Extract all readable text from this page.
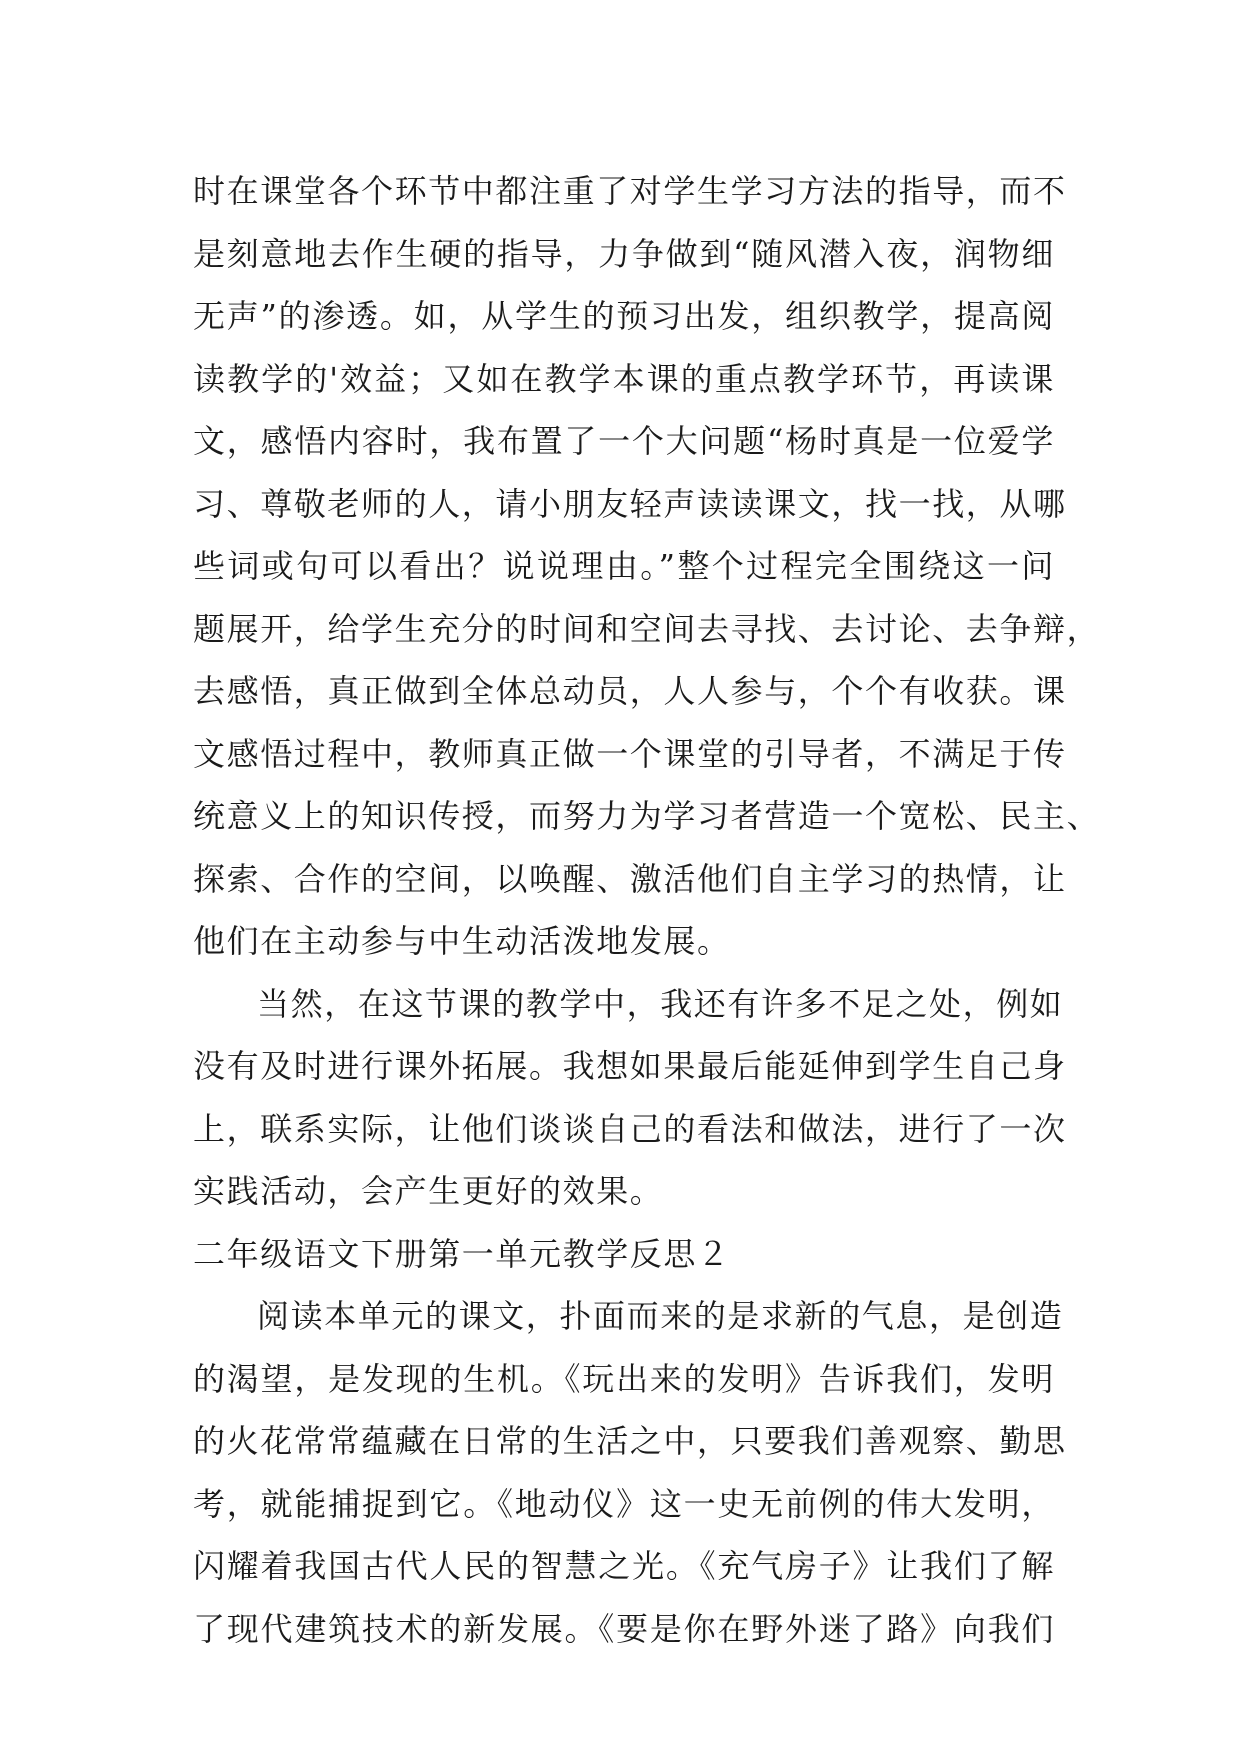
时在课堂各个环节中都注重了对学生学习方法的指导，而不
是刻意地去作生硬的指导，力争做到“随风潜入夜，润物细
无声”的渗透。如，从学生的预习出发，组织教学，提高阅
读教学的'效益；又如在教学本课的重点教学环节，再读课
文，感悟内容时，我布置了一个大问题“杨时真是一位爱学
习、尊敬老师的人，请小朋友轻声读读课文，找一找，从哪
些词或句可以看出？说说理由。”整个过程完全围绕这一问
题展开，给学生充分的时间和空间去寻找、去讨论、去争辩，
去感悟，真正做到全体总动员，人人参与，个个有收获。课
文感悟过程中，教师真正做一个课堂的引导者，不满足于传
统意义上的知识传授，而努力为学习者营造一个宽松、民主、
探索、合作的空间，以唤醒、激活他们自主学习的热情，让
他们在主动参与中生动活泼地发展。
当然，在这节课的教学中，我还有许多不足之处，例如
没有及时进行课外拓展。我想如果最后能延伸到学生自己身
上，联系实际，让他们谈谈自己的看法和做法，进行了一次
实践活动，会产生更好的效果。
二年级语文下册第一单元教学反思２
阅读本单元的课文，扑面而来的是求新的气息，是创造
的渴望，是发现的生机。《玩出来的发明》告诉我们，发明
的火花常常蕴藏在日常的生活之中，只要我们善观察、勤思
考，就能捕捉到它。《地动仪》这一史无前例的伟大发明，
闪耀着我国古代人民的智慧之光。《充气房子》让我们了解
了现代建筑技术的新发展。《要是你在野外迷了路》向我们
